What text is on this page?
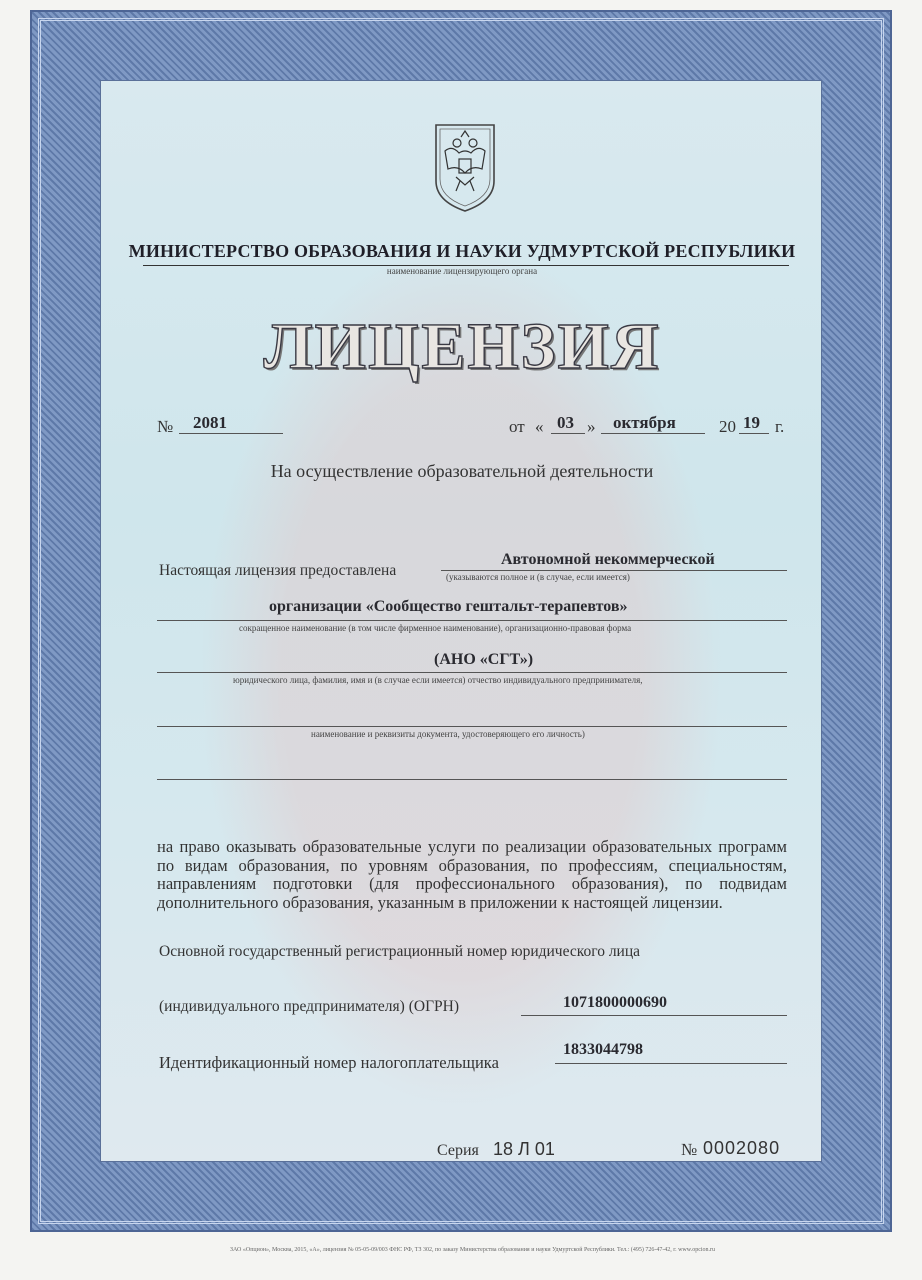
МИНИСТЕРСТВО ОБРАЗОВАНИЯ И НАУКИ УДМУРТСКОЙ РЕСПУБЛИКИ
наименование лицензирующего органа
ЛИЦЕНЗИЯ
№ 2081	от « 03 » октября	20 19 г.
На осуществление образовательной деятельности
Настоящая лицензия предоставлена
Автономной некоммерческой
(указываются полное и (в случае, если имеется)
организации «Сообщество гештальт-терапевтов»
сокращенное наименование (в том числе фирменное наименование), организационно-правовая форма
(АНО «СГТ»)
юридического лица, фамилия, имя и (в случае если имеется) отчество индивидуального предпринимателя,
наименование и реквизиты документа, удостоверяющего его личность)
на право оказывать образовательные услуги по реализации образовательных программ по видам образования, по уровням образования, по профессиям, специальностям, направлениям подготовки (для профессионального образования), по подвидам дополнительного образования, указанным в приложении к настоящей лицензии.
Основной государственный регистрационный номер юридического лица
(индивидуального предпринимателя) (ОГРН)	1071800000690
Идентификационный номер налогоплательщика
1833044798
Серия 18 Л 01	№ 0002080
ЗАО «Опцион», Москва, 2015, «А», лицензия № 05-05-09/003 ФНС РФ, ТЗ 302, по заказу Министерства образования и науки Удмуртской Республики. Тел.: (495) 726-47-42, г. www.opcion.ru
